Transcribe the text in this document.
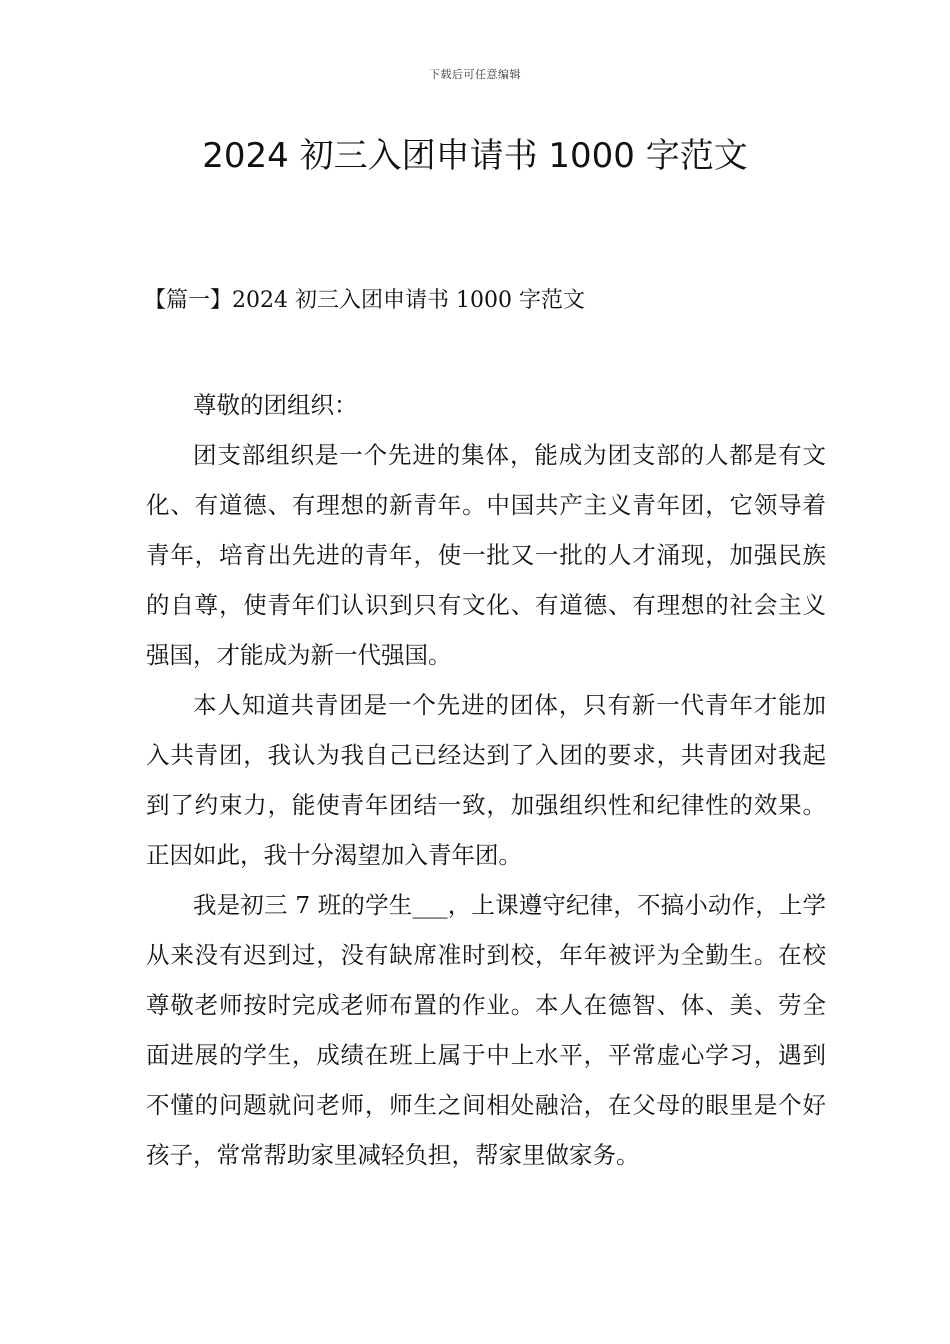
下载后可任意编辑
2024 初三入团申请书 1000 字范文
【篇一】2024 初三入团申请书 1000 字范文

尊敬的团组织：

团支部组织是一个先进的集体，能成为团支部的人都是有文化、有道德、有理想的新青年。中国共产主义青年团，它领导着青年，培育出先进的青年，使一批又一批的人才涌现，加强民族的自尊，使青年们认识到只有文化、有道德、有理想的社会主义强国，才能成为新一代强国。

本人知道共青团是一个先进的团体，只有新一代青年才能加入共青团，我认为我自己已经达到了入团的要求，共青团对我起到了约束力，能使青年团结一致，加强组织性和纪律性的效果。正因如此，我十分渴望加入青年团。

我是初三 7 班的学生___，上课遵守纪律，不搞小动作，上学从来没有迟到过，没有缺席准时到校，年年被评为全勤生。在校尊敬老师按时完成老师布置的作业。本人在德智、体、美、劳全面进展的学生，成绩在班上属于中上水平，平常虚心学习，遇到不懂的问题就问老师，师生之间相处融洽，在父母的眼里是个好孩子，常常帮助家里减轻负担，帮家里做家务。
